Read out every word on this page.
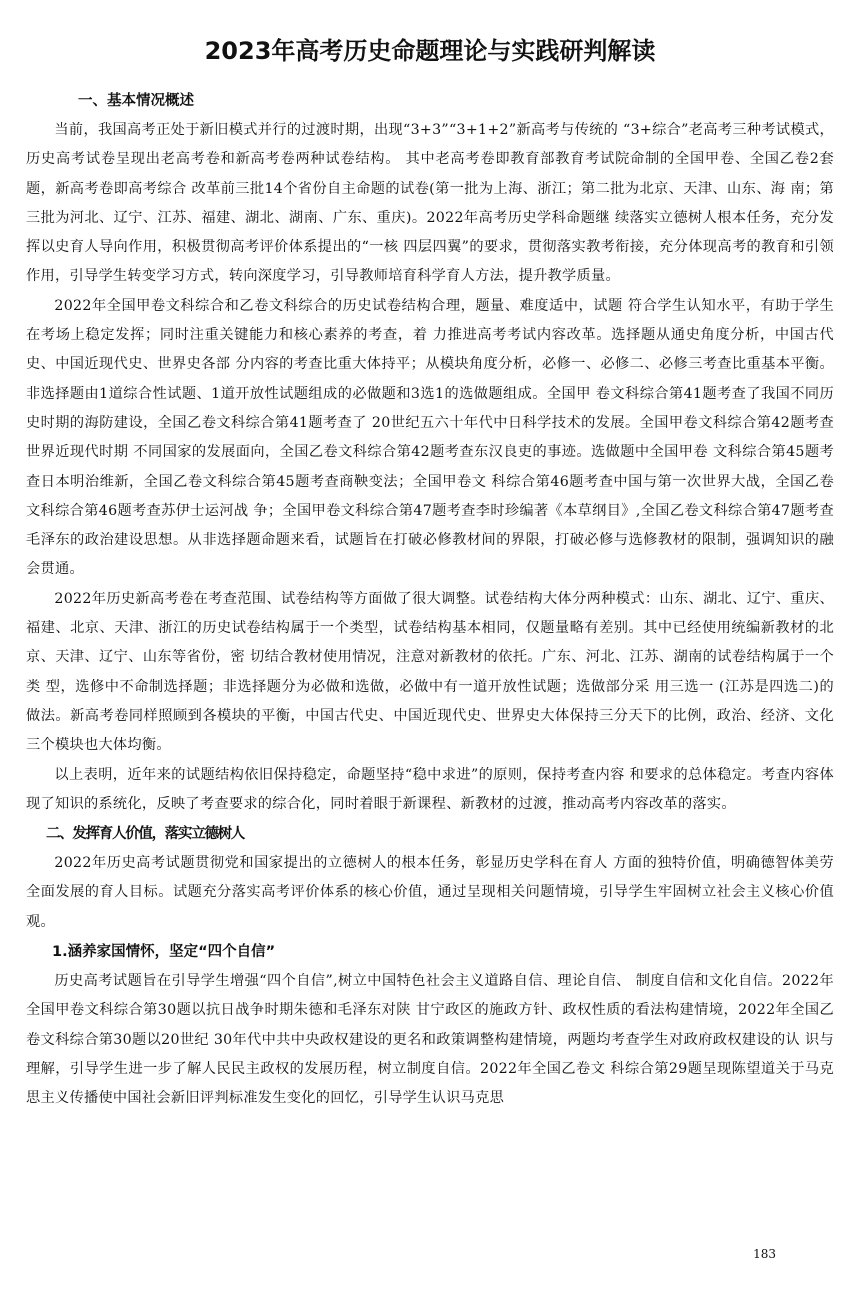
2023年高考历史命题理论与实践研判解读
一、基本情况概述

当前，我国高考正处于新旧模式并行的过渡时期，出现“3+3”“3+1+2”新高考与传统的 “3+综合”老高考三种考试模式，历史高考试卷呈现出老高考卷和新高考卷两种试卷结构。 其中老高考卷即教育部教育考试院命制的全国甲卷、全国乙卷2套题，新高考卷即高考综合 改革前三批14个省份自主命题的试卷(第一批为上海、浙江；第二批为北京、天津、山东、海 南；第三批为河北、辽宁、江苏、福建、湖北、湖南、广东、重庆)。2022年高考历史学科命题继 续落实立德树人根本任务，充分发挥以史育人导向作用，积极贯彻高考评价体系提出的“一核 四层四翼”的要求，贯彻落实教考衔接，充分体现高考的教育和引领作用，引导学生转变学习方式，转向深度学习，引导教师培育科学育人方法，提升教学质量。

2022年全国甲卷文科综合和乙卷文科综合的历史试卷结构合理，题量、难度适中，试题 符合学生认知水平，有助于学生在考场上稳定发挥；同时注重关键能力和核心素养的考查，着 力推进高考考试内容改革。选择题从通史角度分析，中国古代史、中国近现代史、世界史各部 分内容的考查比重大体持平；从模块角度分析，必修一、必修二、必修三考查比重基本平衡。 非选择题由1道综合性试题、1道开放性试题组成的必做题和3选1的选做题组成。全国甲 卷文科综合第41题考查了我国不同历史时期的海防建设，全国乙卷文科综合第41题考查了 20世纪五六十年代中日科学技术的发展。全国甲卷文科综合第42题考查世界近现代时期 不同国家的发展面向，全国乙卷文科综合第42题考查东汉良吏的事迹。选做题中全国甲卷 文科综合第45题考查日本明治维新，全国乙卷文科综合第45题考查商鞅变法；全国甲卷文 科综合第46题考查中国与第一次世界大战，全国乙卷文科综合第46题考查苏伊士运河战 争；全国甲卷文科综合第47题考查李时珍编著《本草纲目》,全国乙卷文科综合第47题考查 毛泽东的政治建设思想。从非选择题命题来看，试题旨在打破必修教材间的界限，打破必修与选修教材的限制，强调知识的融会贯通。

2022年历史新高考卷在考查范围、试卷结构等方面做了很大调整。试卷结构大体分两种模式：山东、湖北、辽宁、重庆、福建、北京、天津、浙江的历史试卷结构属于一个类型，试卷结构基本相同，仅题量略有差别。其中已经使用统编新教材的北京、天津、辽宁、山东等省份，密 切结合教材使用情况，注意对新教材的依托。广东、河北、江苏、湖南的试卷结构属于一个类 型，选修中不命制选择题；非选择题分为必做和选做，必做中有一道开放性试题；选做部分采 用三选一 (江苏是四选二)的做法。新高考卷同样照顾到各模块的平衡，中国古代史、中国近现代史、世界史大体保持三分天下的比例，政治、经济、文化三个模块也大体均衡。

以上表明，近年来的试题结构依旧保持稳定，命题坚持“稳中求进”的原则，保持考查内容 和要求的总体稳定。考查内容体现了知识的系统化，反映了考查要求的综合化，同时着眼于新课程、新教材的过渡，推动高考内容改革的落实。

二、发挥育人价值，落实立德树人

2022年历史高考试题贯彻党和国家提出的立德树人的根本任务，彰显历史学科在育人 方面的独特价值，明确德智体美劳全面发展的育人目标。试题充分落实高考评价体系的核心价值，通过呈现相关问题情境，引导学生牢固树立社会主义核心价值观。

1.涵养家国情怀，坚定“四个自信”

历史高考试题旨在引导学生增强“四个自信”,树立中国特色社会主义道路自信、理论自信、 制度自信和文化自信。2022年全国甲卷文科综合第30题以抗日战争时期朱德和毛泽东对陕 甘宁政区的施政方针、政权性质的看法构建情境，2022年全国乙卷文科综合第30题以20世纪 30年代中共中央政权建设的更名和政策调整构建情境，两题均考查学生对政府政权建设的认 识与理解，引导学生进一步了解人民民主政权的发展历程，树立制度自信。2022年全国乙卷文 科综合第29题呈现陈望道关于马克思主义传播使中国社会新旧评判标准发生变化的回忆，引导学生认识马克思

183
